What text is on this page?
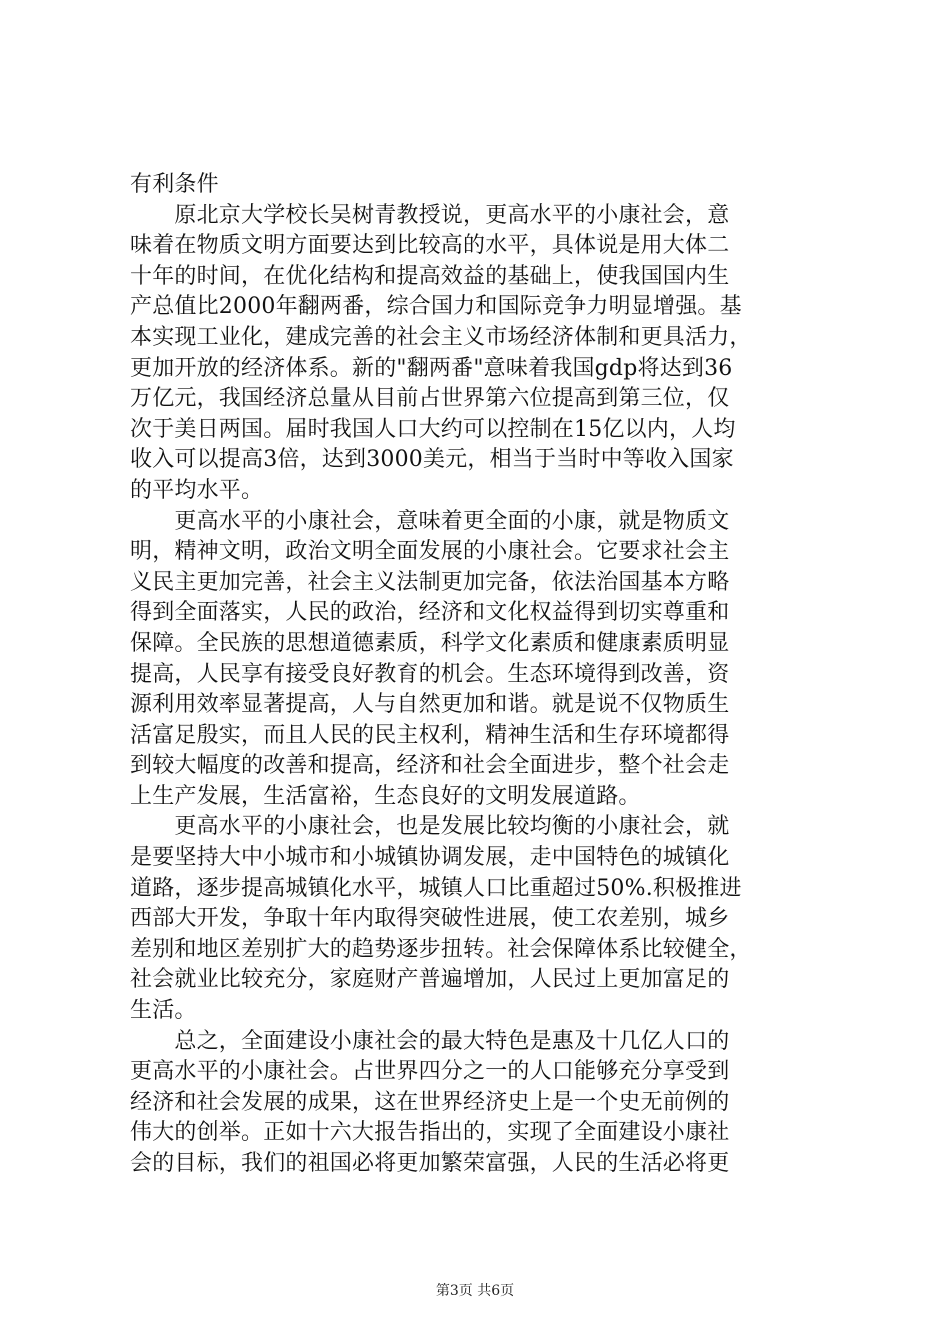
有利条件
　　原北京大学校长吴树青教授说，更高水平的小康社会，意
味着在物质文明方面要达到比较高的水平，具体说是用大体二
十年的时间，在优化结构和提高效益的基础上，使我国国内生
产总值比2000年翻两番，综合国力和国际竞争力明显增强。基
本实现工业化，建成完善的社会主义市场经济体制和更具活力，
更加开放的经济体系。新的"翻两番"意味着我国gdp将达到36
万亿元，我国经济总量从目前占世界第六位提高到第三位，仅
次于美日两国。届时我国人口大约可以控制在15亿以内，人均
收入可以提高3倍，达到3000美元，相当于当时中等收入国家
的平均水平。
　　更高水平的小康社会，意味着更全面的小康，就是物质文
明，精神文明，政治文明全面发展的小康社会。它要求社会主
义民主更加完善，社会主义法制更加完备，依法治国基本方略
得到全面落实，人民的政治，经济和文化权益得到切实尊重和
保障。全民族的思想道德素质，科学文化素质和健康素质明显
提高，人民享有接受良好教育的机会。生态环境得到改善，资
源利用效率显著提高，人与自然更加和谐。就是说不仅物质生
活富足殷实，而且人民的民主权利，精神生活和生存环境都得
到较大幅度的改善和提高，经济和社会全面进步，整个社会走
上生产发展，生活富裕，生态良好的文明发展道路。
　　更高水平的小康社会，也是发展比较均衡的小康社会，就
是要坚持大中小城市和小城镇协调发展，走中国特色的城镇化
道路，逐步提高城镇化水平，城镇人口比重超过50%.积极推进
西部大开发，争取十年内取得突破性进展，使工农差别，城乡
差别和地区差别扩大的趋势逐步扭转。社会保障体系比较健全，
社会就业比较充分，家庭财产普遍增加，人民过上更加富足的
生活。
　　总之，全面建设小康社会的最大特色是惠及十几亿人口的
更高水平的小康社会。占世界四分之一的人口能够充分享受到
经济和社会发展的成果，这在世界经济史上是一个史无前例的
伟大的创举。正如十六大报告指出的，实现了全面建设小康社
会的目标，我们的祖国必将更加繁荣富强，人民的生活必将更
第3页 共6页
